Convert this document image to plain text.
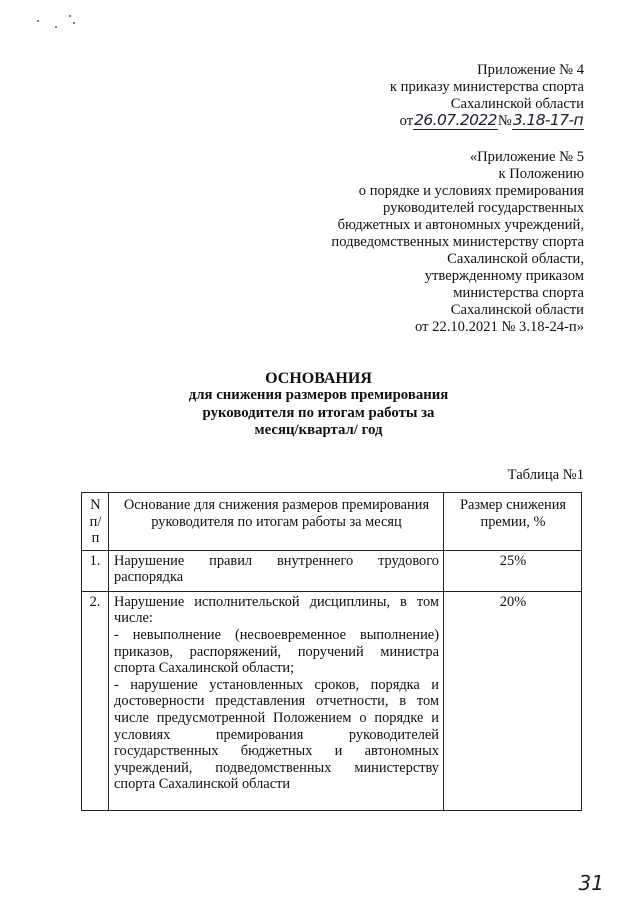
Приложение № 4
к приказу министерства спорта
Сахалинской области
от26.07.2022№3.18-17-п
«Приложение № 5
к Положению
о порядке и условиях премирования
руководителей государственных
бюджетных и автономных учреждений,
подведомственных министерству спорта
Сахалинской области,
утвержденному приказом
министерства спорта
Сахалинской области
от 22.10.2021 № 3.18-24-п»
ОСНОВАНИЯ
для снижения размеров премирования
руководителя по итогам работы за
месяц/квартал/ год
Таблица №1
N п/п	Основание для снижения размеров премирования руководителя по итогам работы за месяц	Размер снижения премии, %
1.	Нарушение правил внутреннего трудового распорядка	25%
2.	Нарушение исполнительской дисциплины, в том числе:
- невыполнение (несвоевременное выполнение) приказов, распоряжений, поручений министра спорта Сахалинской области;
- нарушение установленных сроков, порядка и достоверности представления отчетности, в том числе предусмотренной Положением о порядке и условиях премирования руководителей государственных бюджетных и автономных учреждений, подведомственных министерству спорта Сахалинской области	20%
31
